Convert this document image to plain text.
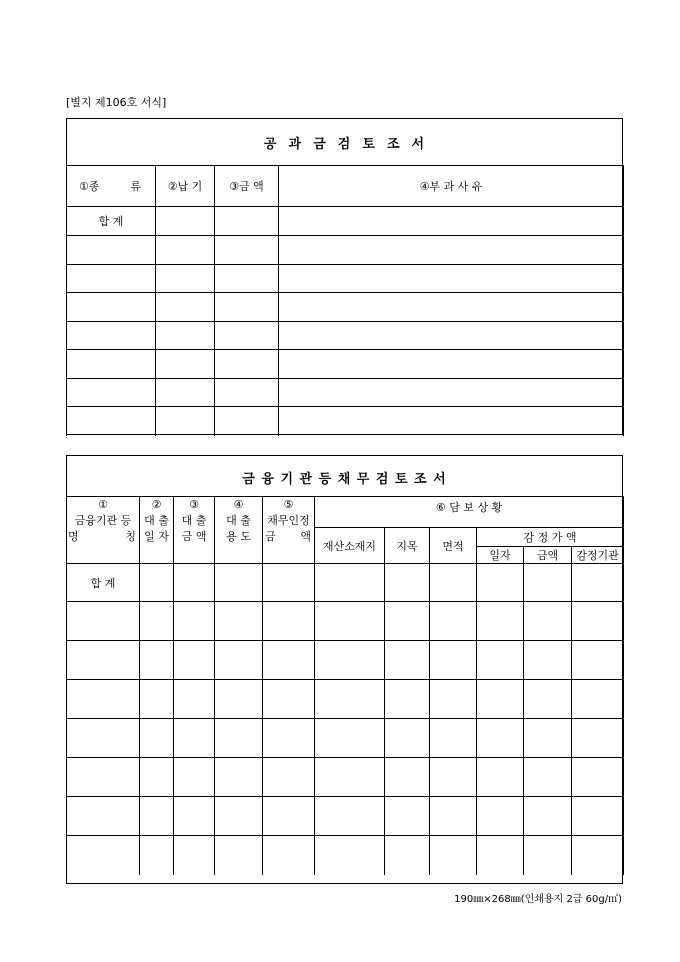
[별지 제106호 서식]
공  과  금  검  토  조  서
①종 류	②납 기	③금 액	④부 과 사 유
합 계			

금 융 기 관 등 채 무 검 토 조 서
①	②	③	④	⑤	⑥ 담 보 상 황					
금융기관 등	대 출	대 출	대 출	채무인정						

명 칭	일 자	금 액	용 도	금 액	재산소재지	지목	면적	감 정 가 액		
								일자	금액	감정기관
합 계										

190㎜×268㎜(인쇄용지 2급 60g/㎡)
